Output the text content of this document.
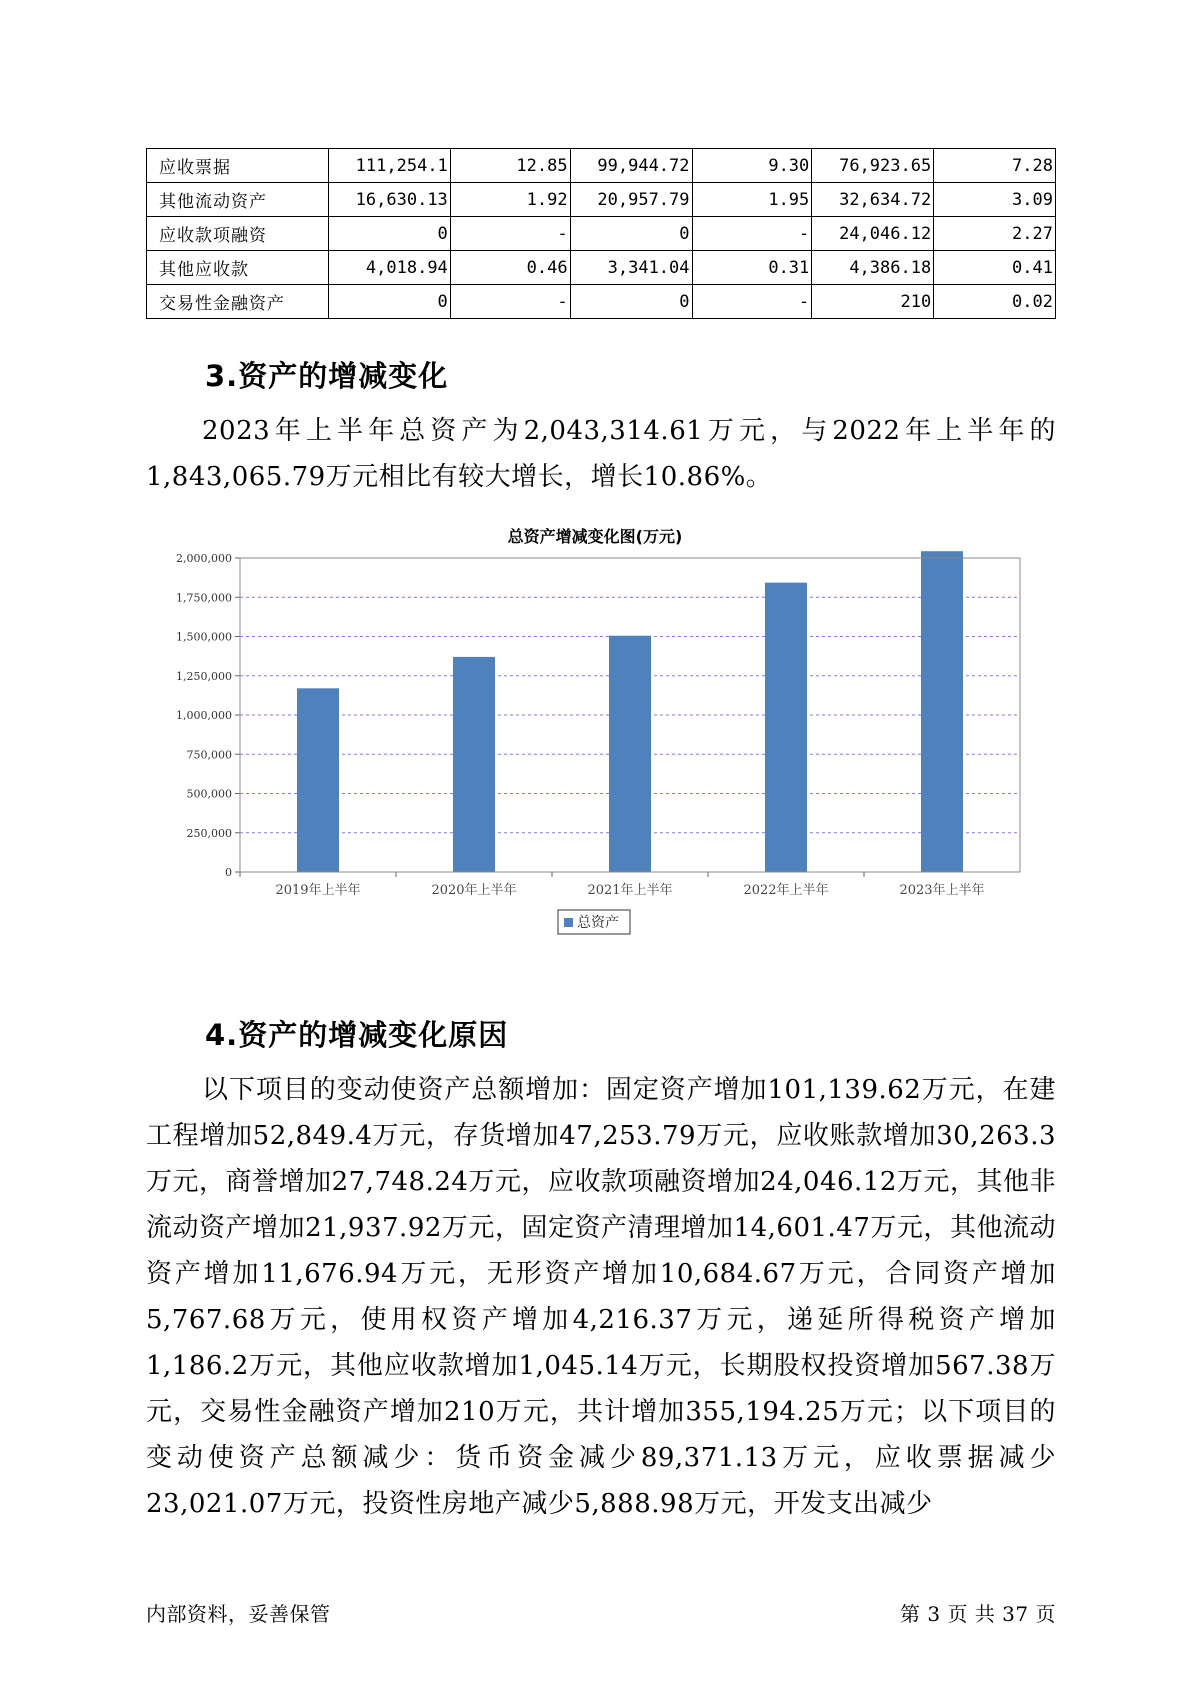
应收票据	111,254.1	12.85	99,944.72	9.30	76,923.65	7.28
其他流动资产	16,630.13	1.92	20,957.79	1.95	32,634.72	3.09
应收款项融资	0	-	0	-	24,046.12	2.27
其他应收款	4,018.94	0.46	3,341.04	0.31	4,386.18	0.41
交易性金融资产	0	-	0	-	210	0.02
3.资产的增减变化

2023年上半年总资产为2,043,314.61万元，与2022年上半年的1,843,065.79万元相比有较大增长，增长10.86%。

总资产增减变化图(万元)
0
250,000
500,000
750,000
1,000,000
1,250,000
1,500,000
1,750,000
2,000,000
2019年上半年	2020年上半年	2021年上半年	2022年上半年	2023年上半年
总资产
4.资产的增减变化原因

以下项目的变动使资产总额增加：固定资产增加101,139.62万元，在建工程增加52,849.4万元，存货增加47,253.79万元，应收账款增加30,263.3万元，商誉增加27,748.24万元，应收款项融资增加24,046.12万元，其他非流动资产增加21,937.92万元，固定资产清理增加14,601.47万元，其他流动资产增加11,676.94万元，无形资产增加10,684.67万元，合同资产增加5,767.68万元，使用权资产增加4,216.37万元，递延所得税资产增加1,186.2万元，其他应收款增加1,045.14万元，长期股权投资增加567.38万元，交易性金融资产增加210万元，共计增加355,194.25万元；以下项目的变动使资产总额减少：货币资金减少89,371.13万元，应收票据减少23,021.07万元，投资性房地产减少5,888.98万元，开发支出减少

内部资料，妥善保管	第 3 页 共 37 页
